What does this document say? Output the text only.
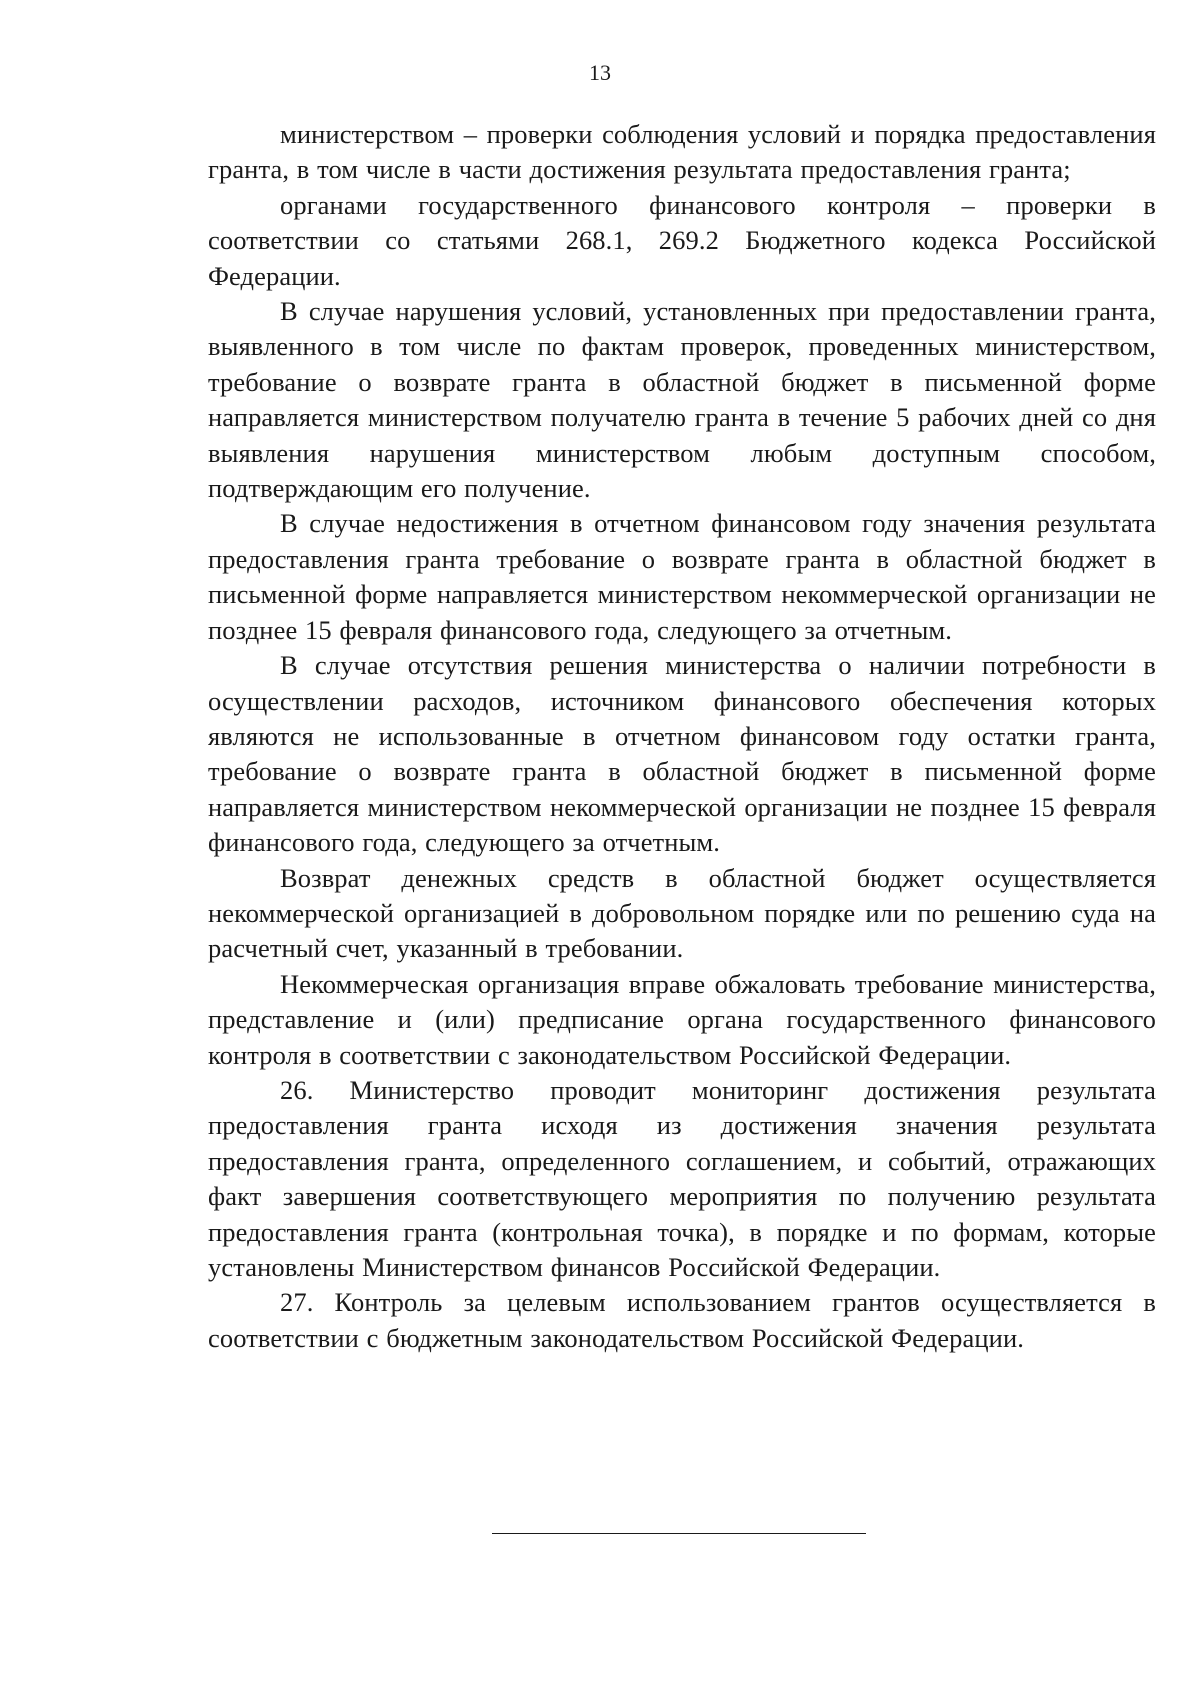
13

министерством – проверки соблюдения условий и порядка предоставления гранта, в том числе в части достижения результата предоставления гранта;

органами государственного финансового контроля – проверки в соответствии со статьями 268.1, 269.2 Бюджетного кодекса Российской Федерации.

В случае нарушения условий, установленных при предоставлении гранта, выявленного в том числе по фактам проверок, проведенных министерством, требование о возврате гранта в областной бюджет в письменной форме направляется министерством получателю гранта в течение 5 рабочих дней со дня выявления нарушения министерством любым доступным способом, подтверждающим его получение.

В случае недостижения в отчетном финансовом году значения результата предоставления гранта требование о возврате гранта в областной бюджет в письменной форме направляется министерством некоммерческой организации не позднее 15 февраля финансового года, следующего за отчетным.

В случае отсутствия решения министерства о наличии потребности в осуществлении расходов, источником финансового обеспечения которых являются не использованные в отчетном финансовом году остатки гранта, требование о возврате гранта в областной бюджет в письменной форме направляется министерством некоммерческой организации не позднее 15 февраля финансового года, следующего за отчетным.

Возврат денежных средств в областной бюджет осуществляется некоммерческой организацией в добровольном порядке или по решению суда на расчетный счет, указанный в требовании.

Некоммерческая организация вправе обжаловать требование министерства, представление и (или) предписание органа государственного финансового контроля в соответствии с законодательством Российской Федерации.

26. Министерство проводит мониторинг достижения результата предоставления гранта исходя из достижения значения результата предоставления гранта, определенного соглашением, и событий, отражающих факт завершения соответствующего мероприятия по получению результата предоставления гранта (контрольная точка), в порядке и по формам, которые установлены Министерством финансов Российской Федерации.

27. Контроль за целевым использованием грантов осуществляется в соответствии с бюджетным законодательством Российской Федерации.
